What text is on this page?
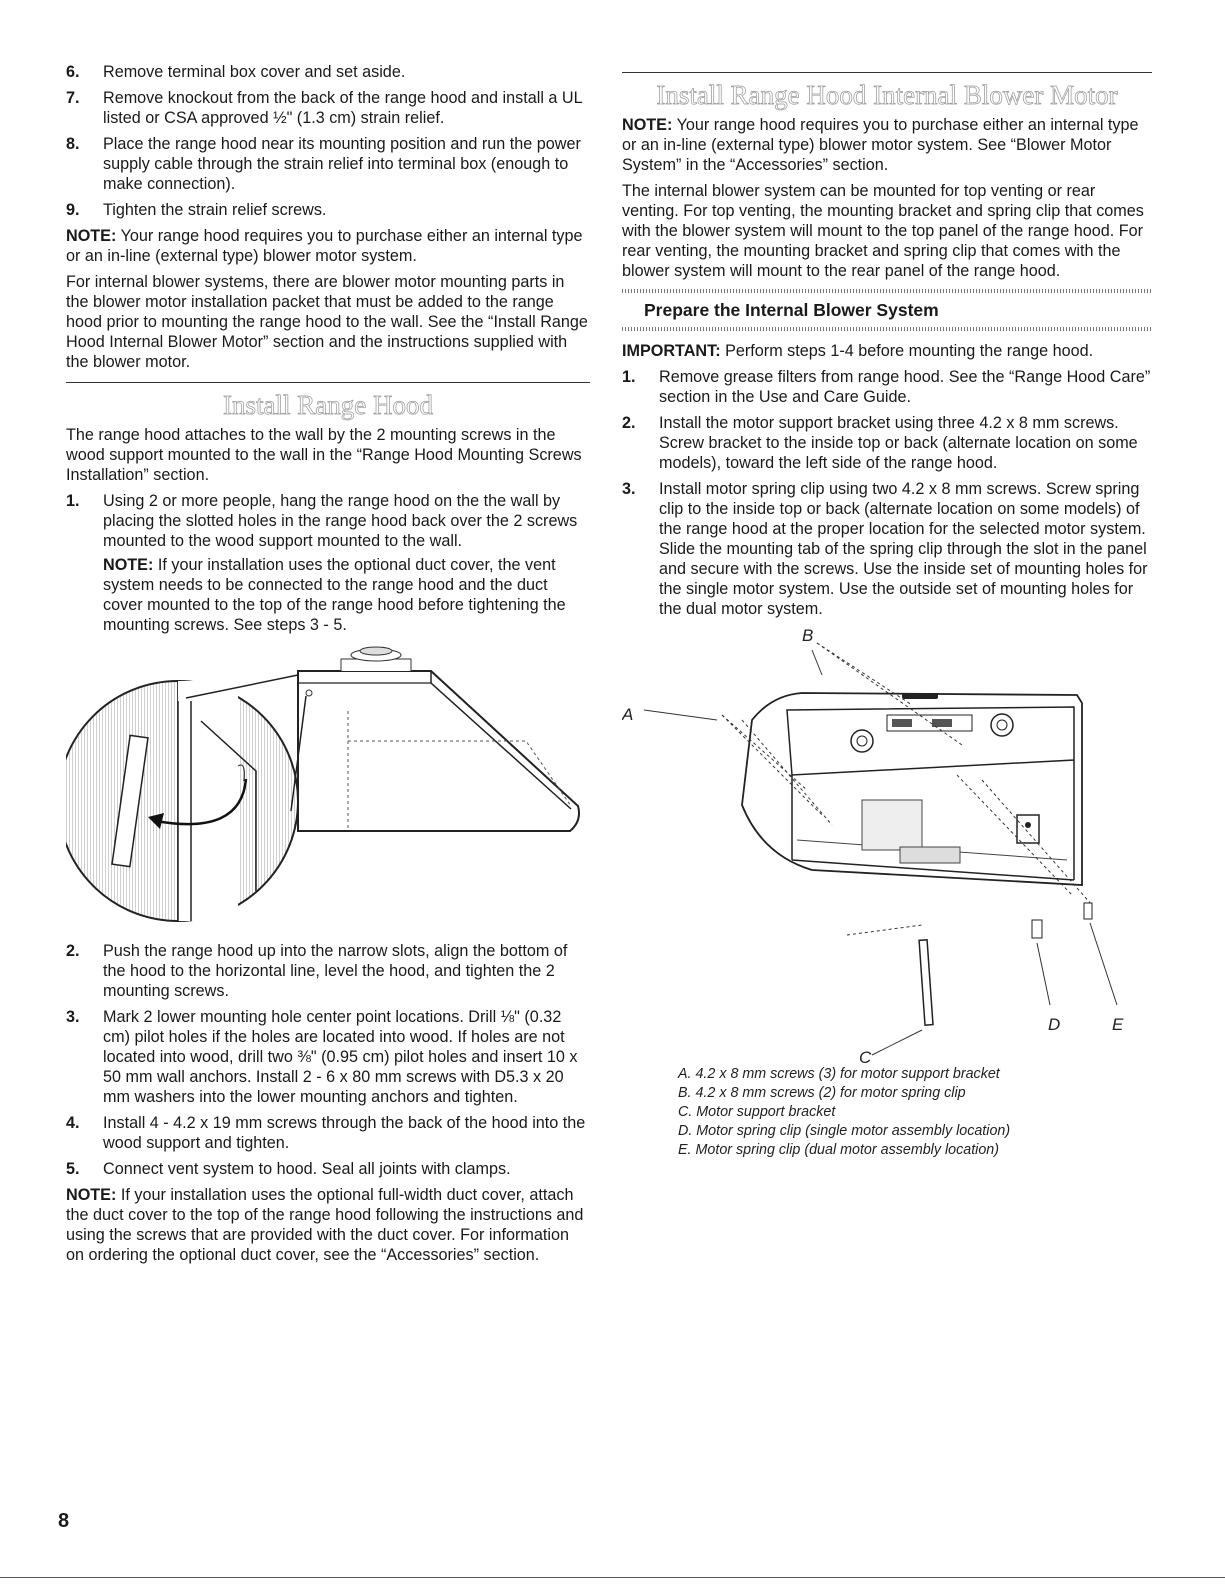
6. Remove terminal box cover and set aside.
7. Remove knockout from the back of the range hood and install a UL listed or CSA approved ½" (1.3 cm) strain relief.
8. Place the range hood near its mounting position and run the power supply cable through the strain relief into terminal box (enough to make connection).
9. Tighten the strain relief screws.

NOTE: Your range hood requires you to purchase either an internal type or an in-line (external type) blower motor system.

For internal blower systems, there are blower motor mounting parts in the blower motor installation packet that must be added to the range hood prior to mounting the range hood to the wall. See the “Install Range Hood Internal Blower Motor” section and the instructions supplied with the blower motor.

Install Range Hood

The range hood attaches to the wall by the 2 mounting screws in the wood support mounted to the wall in the “Range Hood Mounting Screws Installation” section.

1. Using 2 or more people, hang the range hood on the the wall by placing the slotted holes in the range hood back over the 2 screws mounted to the wood support mounted to the wall.

NOTE: If your installation uses the optional duct cover, the vent system needs to be connected to the range hood and the duct cover mounted to the top of the range hood before tightening the mounting screws. See steps 3 - 5.

2. Push the range hood up into the narrow slots, align the bottom of the hood to the horizontal line, level the hood, and tighten the 2 mounting screws.
3. Mark 2 lower mounting hole center point locations. Drill ⅛" (0.32 cm) pilot holes if the holes are located into wood. If holes are not located into wood, drill two ⅜" (0.95 cm) pilot holes and insert 10 x 50 mm wall anchors. Install 2 - 6 x 80 mm screws with D5.3 x 20 mm washers into the lower mounting anchors and tighten.
4. Install 4 - 4.2 x 19 mm screws through the back of the hood into the wood support and tighten.
5. Connect vent system to hood. Seal all joints with clamps.

NOTE: If your installation uses the optional full-width duct cover, attach the duct cover to the top of the range hood following the instructions and using the screws that are provided with the duct cover. For information on ordering the optional duct cover, see the “Accessories” section.

Install Range Hood Internal Blower Motor

NOTE: Your range hood requires you to purchase either an internal type or an in-line (external type) blower motor system. See “Blower Motor System” in the “Accessories” section.

The internal blower system can be mounted for top venting or rear venting. For top venting, the mounting bracket and spring clip that comes with the blower system will mount to the top panel of the range hood. For rear venting, the mounting bracket and spring clip that comes with the blower system will mount to the rear panel of the range hood.

Prepare the Internal Blower System

IMPORTANT: Perform steps 1-4 before mounting the range hood.

1. Remove grease filters from range hood. See the “Range Hood Care” section in the Use and Care Guide.
2. Install the motor support bracket using three 4.2 x 8 mm screws. Screw bracket to the inside top or back (alternate location on some models), toward the left side of the range hood.
3. Install motor spring clip using two 4.2 x 8 mm screws. Screw spring clip to the inside top or back (alternate location on some models) of the range hood at the proper location for the selected motor system. Slide the mounting tab of the spring clip through the slot in the panel and secure with the screws. Use the inside set of mounting holes for the single motor system. Use the outside set of mounting holes for the dual motor system.
B
A
C
D	E
A. 4.2 x 8 mm screws (3) for motor support bracket
B. 4.2 x 8 mm screws (2) for motor spring clip
C. Motor support bracket
D. Motor spring clip (single motor assembly location)
E. Motor spring clip (dual motor assembly location)
8
